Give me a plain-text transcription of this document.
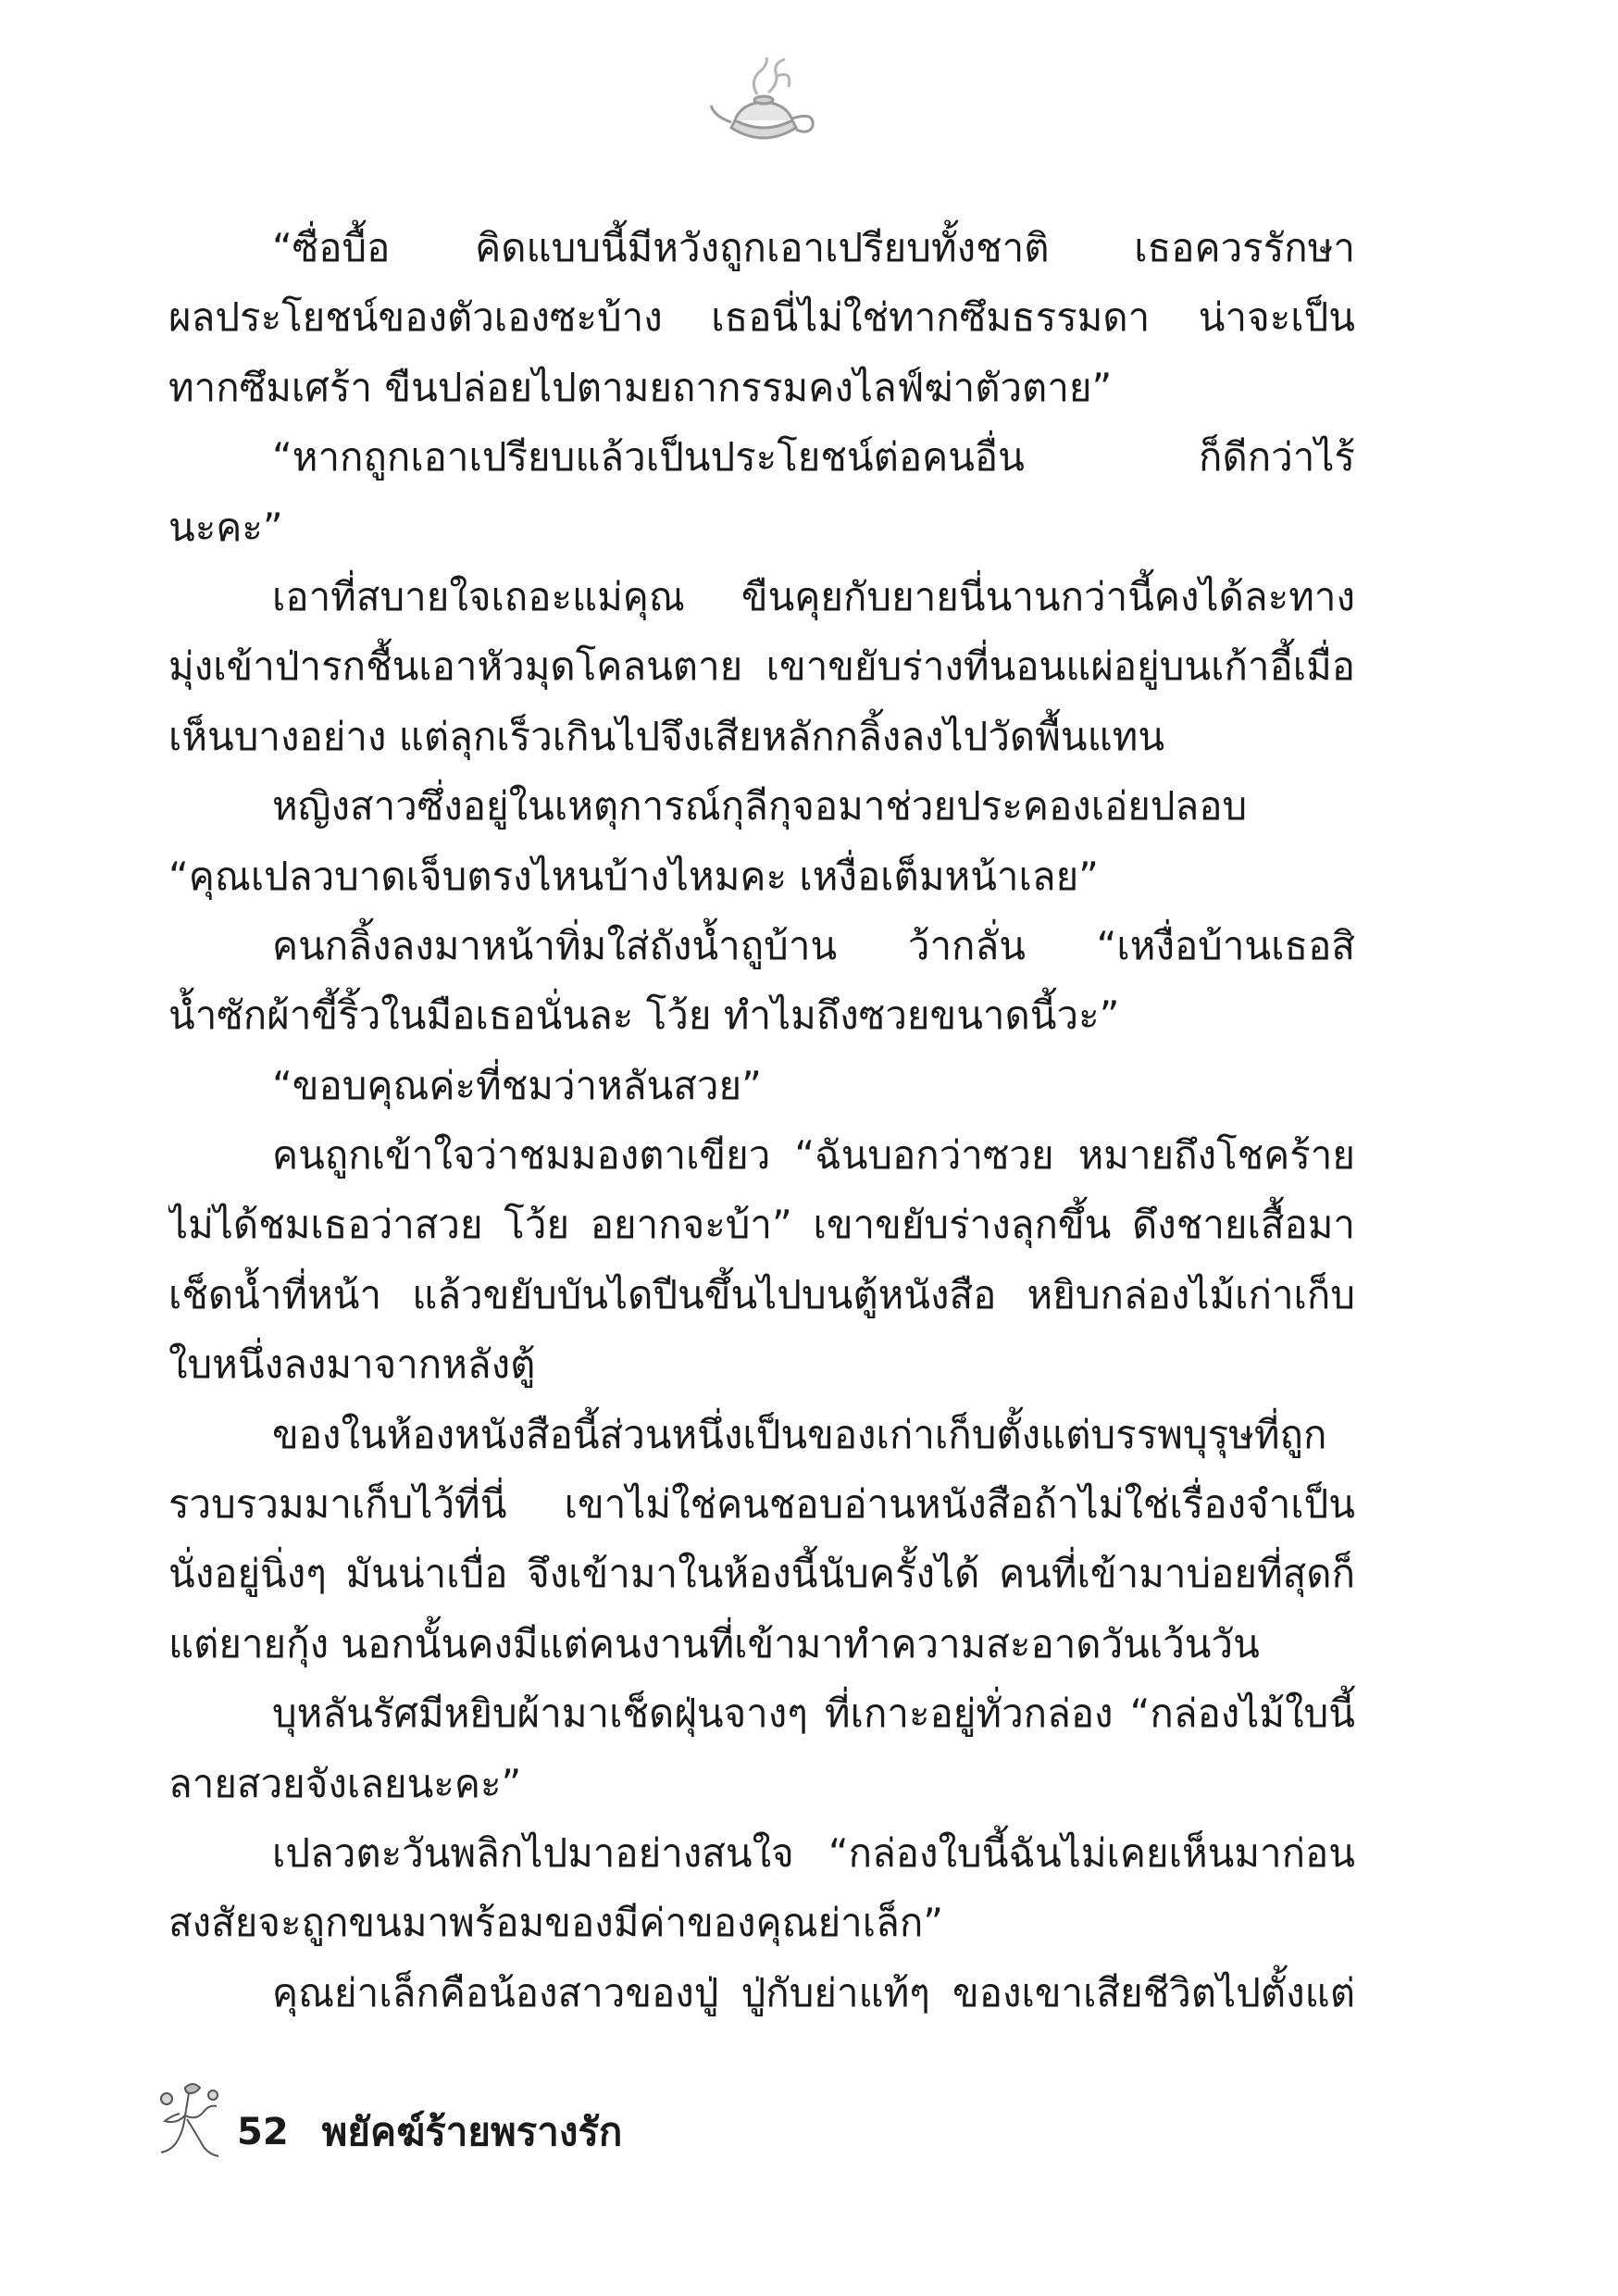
“ซื่อบื้อ คิดแบบนี้มีหวังถูกเอาเปรียบทั้งชาติ เธอควรรักษา
ผลประโยชน์ของตัวเองซะบ้าง เธอนี่ไม่ใช่ทากซึมธรรมดา น่าจะเป็น
ทากซึมเศร้า ขืนปล่อยไปตามยถากรรมคงไลฟ์ฆ่าตัวตาย”
“หากถูกเอาเปรียบแล้วเป็นประโยชน์ต่อคนอื่น ก็ดีกว่าไร้
นะคะ”
เอาที่สบายใจเถอะแม่คุณ ขืนคุยกับยายนี่นานกว่านี้คงได้ละทาง
มุ่งเข้าป่ารกชื้นเอาหัวมุดโคลนตาย เขาขยับร่างที่นอนแผ่อยู่บนเก้าอี้เมื่อ
เห็นบางอย่าง แต่ลุกเร็วเกินไปจึงเสียหลักกลิ้งลงไปวัดพื้นแทน
หญิงสาวซึ่งอยู่ในเหตุการณ์กุลีกุจอมาช่วยประคองเอ่ยปลอบ
“คุณเปลวบาดเจ็บตรงไหนบ้างไหมคะ เหงื่อเต็มหน้าเลย”
คนกลิ้งลงมาหน้าทิ่มใส่ถังน้ำถูบ้าน ว้ากลั่น “เหงื่อบ้านเธอสิ
น้ำซักผ้าขี้ริ้วในมือเธอนั่นละ โว้ย ทำไมถึงซวยขนาดนี้วะ”
“ขอบคุณค่ะที่ชมว่าหลันสวย”
คนถูกเข้าใจว่าชมมองตาเขียว “ฉันบอกว่าซวย หมายถึงโชคร้าย
ไม่ได้ชมเธอว่าสวย โว้ย อยากจะบ้า” เขาขยับร่างลุกขึ้น ดึงชายเสื้อมา
เช็ดน้ำที่หน้า แล้วขยับบันไดปีนขึ้นไปบนตู้หนังสือ หยิบกล่องไม้เก่าเก็บ
ใบหนึ่งลงมาจากหลังตู้
ของในห้องหนังสือนี้ส่วนหนึ่งเป็นของเก่าเก็บตั้งแต่บรรพบุรุษที่ถูก
รวบรวมมาเก็บไว้ที่นี่ เขาไม่ใช่คนชอบอ่านหนังสือถ้าไม่ใช่เรื่องจำเป็น
นั่งอยู่นิ่งๆ มันน่าเบื่อ จึงเข้ามาในห้องนี้นับครั้งได้ คนที่เข้ามาบ่อยที่สุดก็
แต่ยายกุ้ง นอกนั้นคงมีแต่คนงานที่เข้ามาทำความสะอาดวันเว้นวัน
บุหลันรัศมีหยิบผ้ามาเช็ดฝุ่นจางๆ ที่เกาะอยู่ทั่วกล่อง “กล่องไม้ใบนี้
ลายสวยจังเลยนะคะ”
เปลวตะวันพลิกไปมาอย่างสนใจ “กล่องใบนี้ฉันไม่เคยเห็นมาก่อน
สงสัยจะถูกขนมาพร้อมของมีค่าของคุณย่าเล็ก”
คุณย่าเล็กคือน้องสาวของปู่ ปู่กับย่าแท้ๆ ของเขาเสียชีวิตไปตั้งแต่
52 พยัคฆ์ร้ายพรางรัก
